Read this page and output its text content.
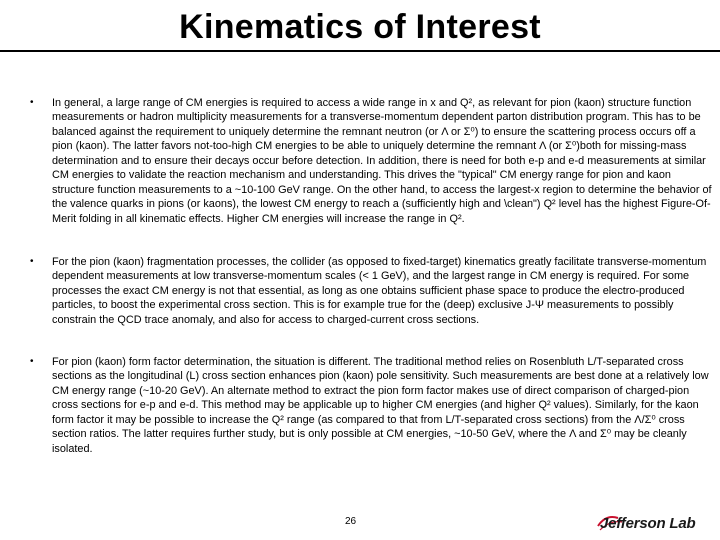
Kinematics of Interest
• In general, a large range of CM energies is required to access a wide range in x and Q², as relevant for pion (kaon) structure function measurements or hadron multiplicity measurements for a transverse-momentum dependent parton distribution program. This has to be balanced against the requirement to uniquely determine the remnant neutron (or Λ or Σ⁰) to ensure the scattering process occurs off a pion (kaon). The latter favors not-too-high CM energies to be able to uniquely determine the remnant Λ (or Σ⁰)both for missing-mass determination and to ensure their decays occur before detection. In addition, there is need for both e-p and e-d measurements at similar CM energies to validate the reaction mechanism and understanding. This drives the "typical" CM energy range for pion and kaon structure function measurements to a ~10-100 GeV range. On the other hand, to access the largest-x region to determine the behavior of the valence quarks in pions (or kaons), the lowest CM energy to reach a (sufficiently high and \clean") Q² level has the highest Figure-Of-Merit folding in all kinematic effects. Higher CM energies will increase the range in Q².
• For the pion (kaon) fragmentation processes, the collider (as opposed to fixed-target) kinematics greatly facilitate transverse-momentum dependent measurements at low transverse-momentum scales (< 1 GeV), and the largest range in CM energy is required. For some processes the exact CM energy is not that essential, as long as one obtains sufficient phase space to produce the electro-produced particles, to boost the experimental cross section. This is for example true for the (deep) exclusive J-Ψ measurements to possibly constrain the QCD trace anomaly, and also for access to charged-current cross sections.
• For pion (kaon) form factor determination, the situation is different. The traditional method relies on Rosenbluth L/T-separated cross sections as the longitudinal (L) cross section enhances pion (kaon) pole sensitivity. Such measurements are best done at a relatively low CM energy range (~10-20 GeV). An alternate method to extract the pion form factor makes use of direct comparison of charged-pion cross sections for e-p and e-d. This method may be applicable up to higher CM energies (and higher Q² values). Similarly, for the kaon form factor it may be possible to increase the Q² range (as compared to that from L/T-separated cross sections) from the Λ/Σ⁰ cross section ratios. The latter requires further study, but is only possible at CM energies, ~10-50 GeV, where the Λ and Σ⁰ may be cleanly isolated.
26	Jefferson Lab
